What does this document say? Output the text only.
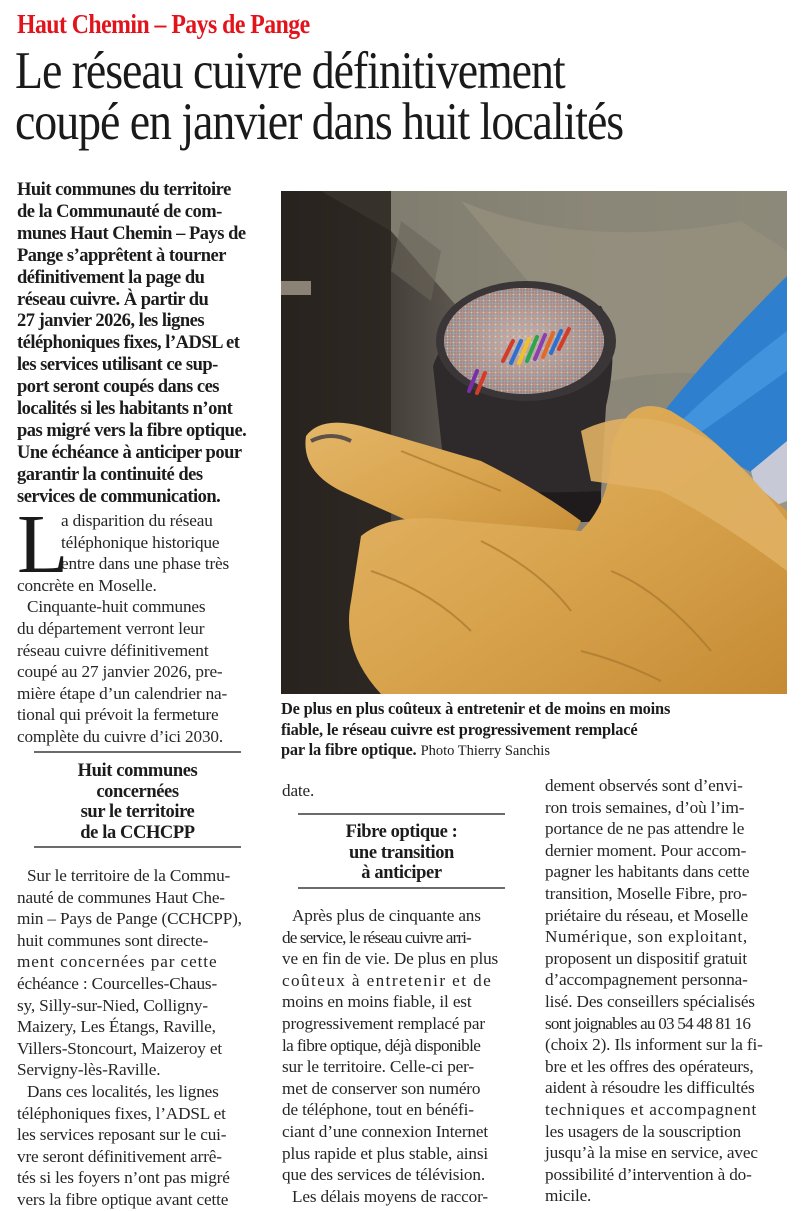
Haut Chemin – Pays de Pange
Le réseau cuivre définitivement
coupé en janvier dans huit localités
Huit communes du territoire
de la Communauté de com-
munes Haut Chemin – Pays de
Pange s’apprêtent à tourner
définitivement la page du
réseau cuivre. À partir du
27 janvier 2026, les lignes
téléphoniques fixes, l’ADSL et
les services utilisant ce sup-
port seront coupés dans ces
localités si les habitants n’ont
pas migré vers la fibre optique.
Une échéance à anticiper pour
garantir la continuité des
services de communication.
L
a disparition du réseau
téléphonique historique
entre dans une phase très
concrète en Moselle.
Cinquante-huit communes
du département verront leur
réseau cuivre définitivement
coupé au 27 janvier 2026, pre-
mière étape d’un calendrier na-
tional qui prévoit la fermeture
complète du cuivre d’ici 2030.
Huit communes
concernées
sur le territoire
de la CCHCPP
Sur le territoire de la Commu-
nauté de communes Haut Che-
min – Pays de Pange (CCHCPP),
huit communes sont directe-
ment concernées par cette
échéance : Courcelles-Chaus-
sy, Silly-sur-Nied, Colligny-
Maizery, Les Étangs, Raville,
Villers-Stoncourt, Maizeroy et
Servigny-lès-Raville.
Dans ces localités, les lignes
téléphoniques fixes, l’ADSL et
les services reposant sur le cui-
vre seront définitivement arrê-
tés si les foyers n’ont pas migré
vers la fibre optique avant cette
De plus en plus coûteux à entretenir et de moins en moins
fiable, le réseau cuivre est progressivement remplacé
par la fibre optique. Photo Thierry Sanchis
date.
Fibre optique :
une transition
à anticiper
Après plus de cinquante ans
de service, le réseau cuivre arri-
ve en fin de vie. De plus en plus
coûteux à entretenir et de
moins en moins fiable, il est
progressivement remplacé par
la fibre optique, déjà disponible
sur le territoire. Celle-ci per-
met de conserver son numéro
de téléphone, tout en bénéfi-
ciant d’une connexion Internet
plus rapide et plus stable, ainsi
que des services de télévision.
Les délais moyens de raccor-
dement observés sont d’envi-
ron trois semaines, d’où l’im-
portance de ne pas attendre le
dernier moment. Pour accom-
pagner les habitants dans cette
transition, Moselle Fibre, pro-
priétaire du réseau, et Moselle
Numérique, son exploitant,
proposent un dispositif gratuit
d’accompagnement personna-
lisé. Des conseillers spécialisés
sont joignables au 03 54 48 81 16
(choix 2). Ils informent sur la fi-
bre et les offres des opérateurs,
aident à résoudre les difficultés
techniques et accompagnent
les usagers de la souscription
jusqu’à la mise en service, avec
possibilité d’intervention à do-
micile.
